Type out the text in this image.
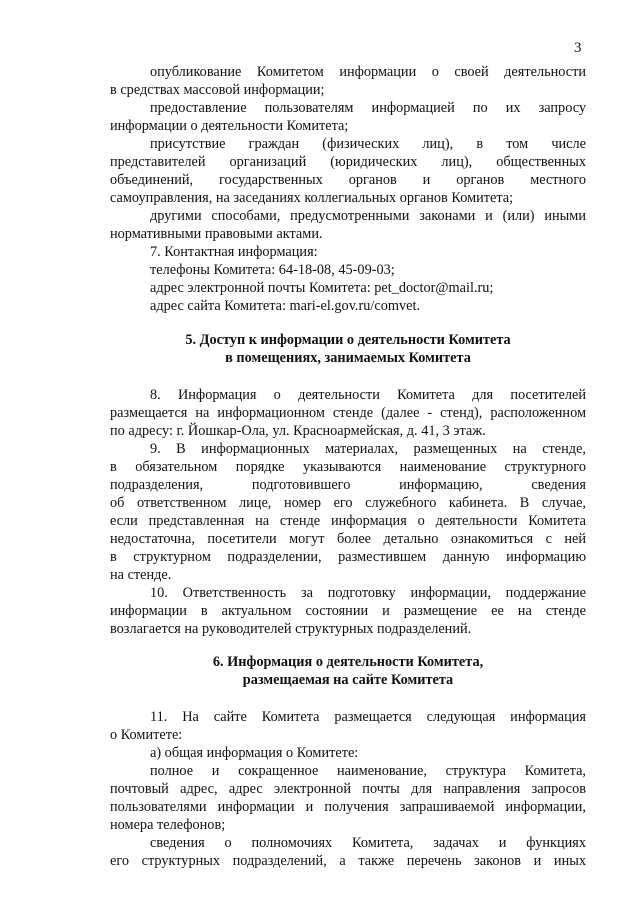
3
опубликование Комитетом информации о своей деятельности
в средствах массовой информации;
предоставление пользователям информацией по их запросу
информации о деятельности Комитета;
присутствие граждан (физических лиц), в том числе
представителей организаций (юридических лиц), общественных
объединений, государственных органов и органов местного
самоуправления, на заседаниях коллегиальных органов Комитета;
другими способами, предусмотренными законами и (или) иными
нормативными правовыми актами.
7. Контактная информация:
телефоны Комитета: 64-18-08, 45-09-03;
адрес электронной почты Комитета: pet_doctor@mail.ru;
адрес сайта Комитета: mari-el.gov.ru/comvet.
5. Доступ к информации о деятельности Комитета
в помещениях, занимаемых Комитета
8. Информация о деятельности Комитета для посетителей
размещается на информационном стенде (далее - стенд), расположенном
по адресу: г. Йошкар-Ола, ул. Красноармейская, д. 41, 3 этаж.
9. В информационных материалах, размещенных на стенде,
в обязательном порядке указываются наименование структурного
подразделения, подготовившего информацию, сведения
об ответственном лице, номер его служебного кабинета. В случае,
если представленная на стенде информация о деятельности Комитета
недостаточна, посетители могут более детально ознакомиться с ней
в структурном подразделении, разместившем данную информацию
на стенде.
10. Ответственность за подготовку информации, поддержание
информации в актуальном состоянии и размещение ее на стенде
возлагается на руководителей структурных подразделений.
6. Информация о деятельности Комитета,
размещаемая на сайте Комитета
11. На сайте Комитета размещается следующая информация
о Комитете:
а) общая информация о Комитете:
полное и сокращенное наименование, структура Комитета,
почтовый адрес, адрес электронной почты для направления запросов
пользователями информации и получения запрашиваемой информации,
номера телефонов;
сведения о полномочиях Комитета, задачах и функциях
его структурных подразделений, а также перечень законов и иных
